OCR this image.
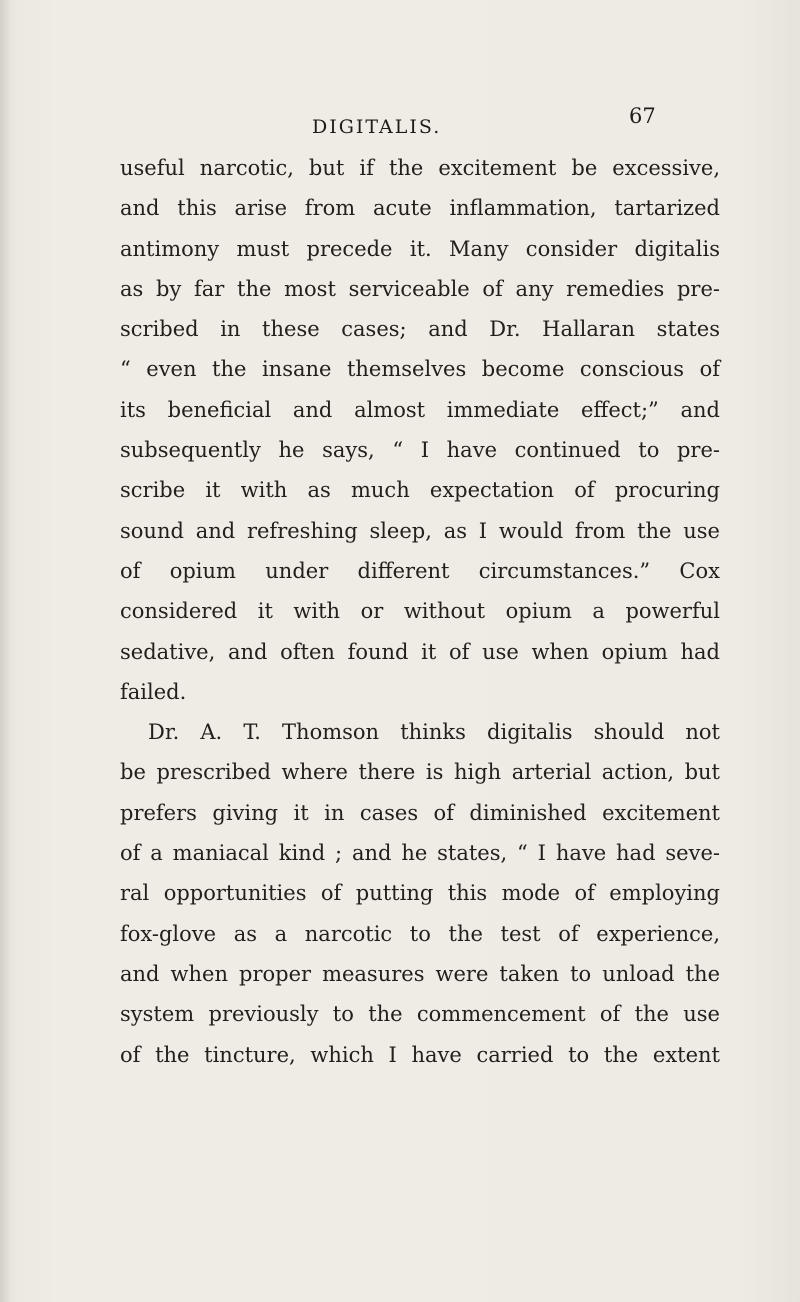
DIGITALIS.	67
useful narcotic, but if the excitement be excessive,
and this arise from acute inflammation, tartarized
antimony must precede it. Many consider digitalis
as by far the most serviceable of any remedies pre-
scribed in these cases; and Dr. Hallaran states
“ even the insane themselves become conscious of
its beneficial and almost immediate effect;” and
subsequently he says, “ I have continued to pre-
scribe it with as much expectation of procuring
sound and refreshing sleep, as I would from the use
of opium under different circumstances.” Cox
considered it with or without opium a powerful
sedative, and often found it of use when opium had
failed.
Dr. A. T. Thomson thinks digitalis should not
be prescribed where there is high arterial action, but
prefers giving it in cases of diminished excitement
of a maniacal kind ; and he states, “ I have had seve-
ral opportunities of putting this mode of employing
fox-glove as a narcotic to the test of experience,
and when proper measures were taken to unload the
system previously to the commencement of the use
of the tincture, which I have carried to the extent
